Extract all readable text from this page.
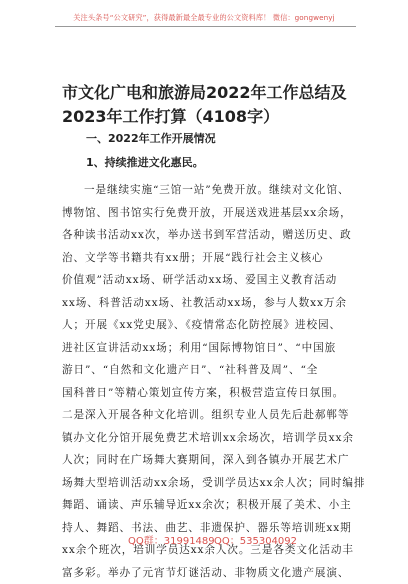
关注头条号“公文研究”，获得最新最全最专业的公文资料库！ 微信：gongwenyj
市文化广电和旅游局2022年工作总结及
2023年工作打算（4108字）
一、2022年工作开展情况
1、持续推进文化惠民。
一是继续实施“三馆一站”免费开放。继续对文化馆、
博物馆、图书馆实行免费开放，开展送戏进基层xx余场，
各种读书活动xx次，举办送书到军营活动，赠送历史、政
治、文学等书籍共有xx册；开展“践行社会主义核心
价值观”活动xx场、研学活动xx场、爱国主义教育活动
xx场、科普活动xx场、社教活动xx场，参与人数xx万余
人；开展《xx党史展》、《疫情常态化防控展》进校园、
进社区宣讲活动xx场；利用“国际博物馆日”、“中国旅
游日”、“自然和文化遗产日”、“社科普及周”、“全
国科普日”等精心策划宣传方案，积极营造宣传日氛围。
二是深入开展各种文化培训。组织专业人员先后赴郝郸等
镇办文化分馆开展免费艺术培训xx余场次，培训学员xx余
人次；同时在广场舞大赛期间，深入到各镇办开展艺术广
场舞大型培训活动xx余场，受训学员达xx余人次；同时编排
舞蹈、诵读、声乐辅导近xx余次；积极开展了美术、小主
持人、舞蹈、书法、曲艺、非遗保护、器乐等培训班xx期
xx余个班次，培训学员达xx余人次。三是各类文化活动丰
富多彩。举办了元宵节灯谜活动、非物质文化遗产展演、
QQ群：31991489 QQ：535304092
